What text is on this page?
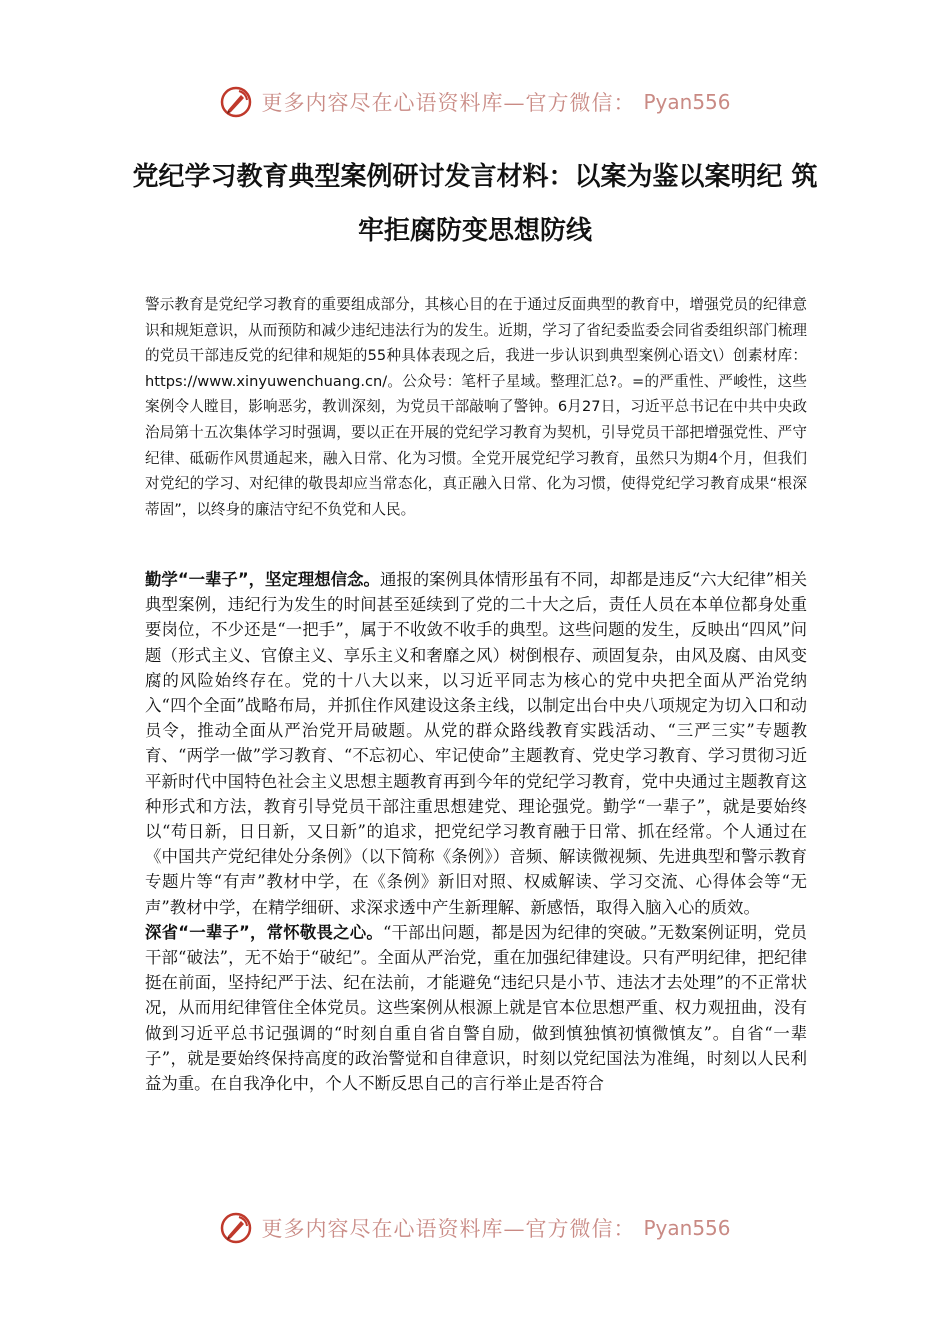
更多内容尽在心语资料库—官方微信： Pyan556
党纪学习教育典型案例研讨发言材料：以案为鉴以案明纪 筑牢拒腐防变思想防线

警示教育是党纪学习教育的重要组成部分，其核心目的在于通过反面典型的教育中，增强党员的纪律意识和规矩意识，从而预防和减少违纪违法行为的发生。近期，学习了省纪委监委会同省委组织部门梳理的党员干部违反党的纪律和规矩的55种具体表现之后，我进一步认识到典型案例心语文\）创素材库：https://www.xinyuwenchuang.cn/。公众号：笔杆子星域。整理汇总?。=的严重性、严峻性，这些案例令人瞠目，影响恶劣，教训深刻，为党员干部敲响了警钟。6月27日，习近平总书记在中共中央政治局第十五次集体学习时强调，要以正在开展的党纪学习教育为契机，引导党员干部把增强党性、严守纪律、砥砺作风贯通起来，融入日常、化为习惯。全党开展党纪学习教育，虽然只为期4个月，但我们对党纪的学习、对纪律的敬畏却应当常态化，真正融入日常、化为习惯，使得党纪学习教育成果“根深蒂固”，以终身的廉洁守纪不负党和人民。

勤学“一辈子”，坚定理想信念。通报的案例具体情形虽有不同，却都是违反“六大纪律”相关典型案例，违纪行为发生的时间甚至延续到了党的二十大之后，责任人员在本单位都身处重要岗位，不少还是“一把手”，属于不收敛不收手的典型。这些问题的发生，反映出“四风”问题（形式主义、官僚主义、享乐主义和奢靡之风）树倒根存、顽固复杂，由风及腐、由风变腐的风险始终存在。党的十八大以来，以习近平同志为核心的党中央把全面从严治党纳入“四个全面”战略布局，并抓住作风建设这条主线，以制定出台中央八项规定为切入口和动员令，推动全面从严治党开局破题。从党的群众路线教育实践活动、“三严三实”专题教育、“两学一做”学习教育、“不忘初心、牢记使命”主题教育、党史学习教育、学习贯彻习近平新时代中国特色社会主义思想主题教育再到今年的党纪学习教育，党中央通过主题教育这种形式和方法，教育引导党员干部注重思想建党、理论强党。勤学“一辈子”，就是要始终以“苟日新，日日新，又日新”的追求，把党纪学习教育融于日常、抓在经常。个人通过在《中国共产党纪律处分条例》（以下简称《条例》）音频、解读微视频、先进典型和警示教育专题片等“有声”教材中学，在《条例》新旧对照、权威解读、学习交流、心得体会等“无声”教材中学，在精学细研、求深求透中产生新理解、新感悟，取得入脑入心的质效。

深省“一辈子”，常怀敬畏之心。“干部出问题，都是因为纪律的突破。”无数案例证明，党员干部“破法”，无不始于“破纪”。全面从严治党，重在加强纪律建设。只有严明纪律，把纪律挺在前面，坚持纪严于法、纪在法前，才能避免“违纪只是小节、违法才去处理”的不正常状况，从而用纪律管住全体党员。这些案例从根源上就是官本位思想严重、权力观扭曲，没有做到习近平总书记强调的“时刻自重自省自警自励，做到慎独慎初慎微慎友”。自省“一辈子”，就是要始终保持高度的政治警觉和自律意识，时刻以党纪国法为准绳，时刻以人民利益为重。在自我净化中，个人不断反思自己的言行举止是否符合

更多内容尽在心语资料库—官方微信： Pyan556
